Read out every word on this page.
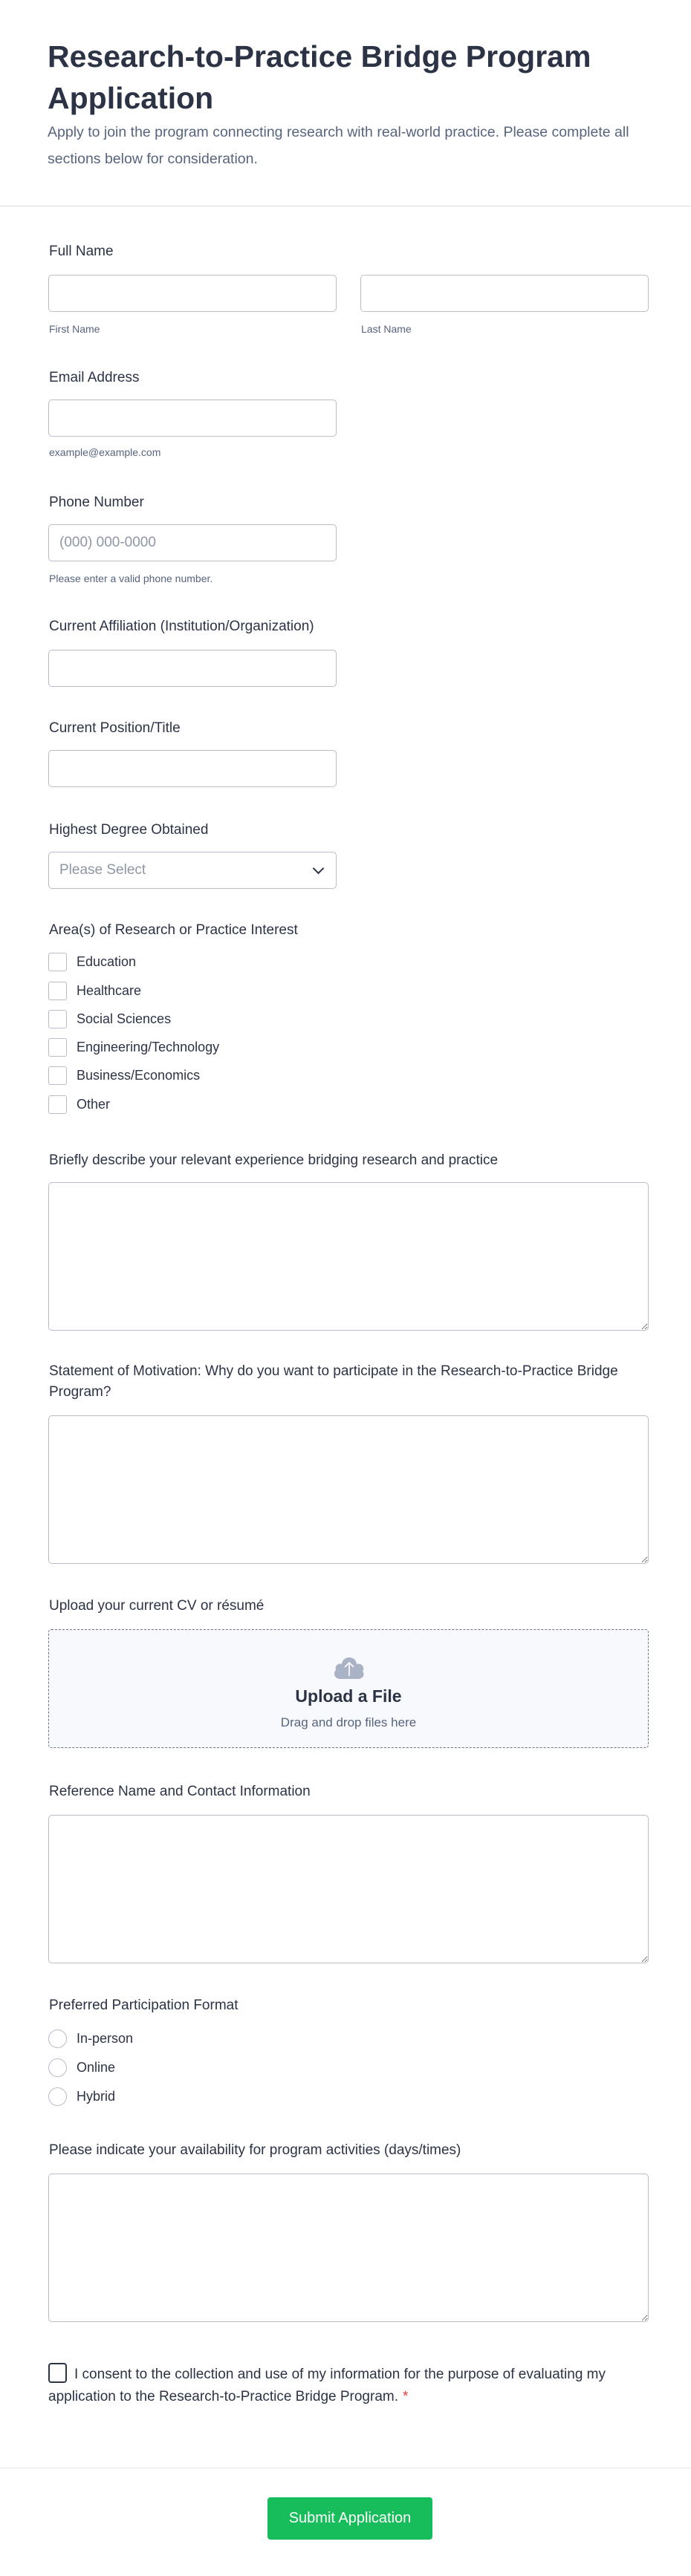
Research-to-Practice Bridge Program Application

Apply to join the program connecting research with real-world practice. Please complete all sections below for consideration.

Full Name
First Name	Last Name
Email Address
example@example.com
Phone Number
(000) 000-0000
Please enter a valid phone number.
Current Affiliation (Institution/Organization)
Current Position/Title
Highest Degree Obtained
Please Select
Area(s) of Research or Practice Interest
Education
Healthcare
Social Sciences
Engineering/Technology
Business/Economics
Other
Briefly describe your relevant experience bridging research and practice
Statement of Motivation: Why do you want to participate in the Research-to-Practice Bridge Program?
Upload your current CV or résumé
Upload a File
Drag and drop files here
Reference Name and Contact Information
Preferred Participation Format
In-person
Online
Hybrid
Please indicate your availability for program activities (days/times)
I consent to the collection and use of my information for the purpose of evaluating my application to the Research-to-Practice Bridge Program. *
Submit Application
